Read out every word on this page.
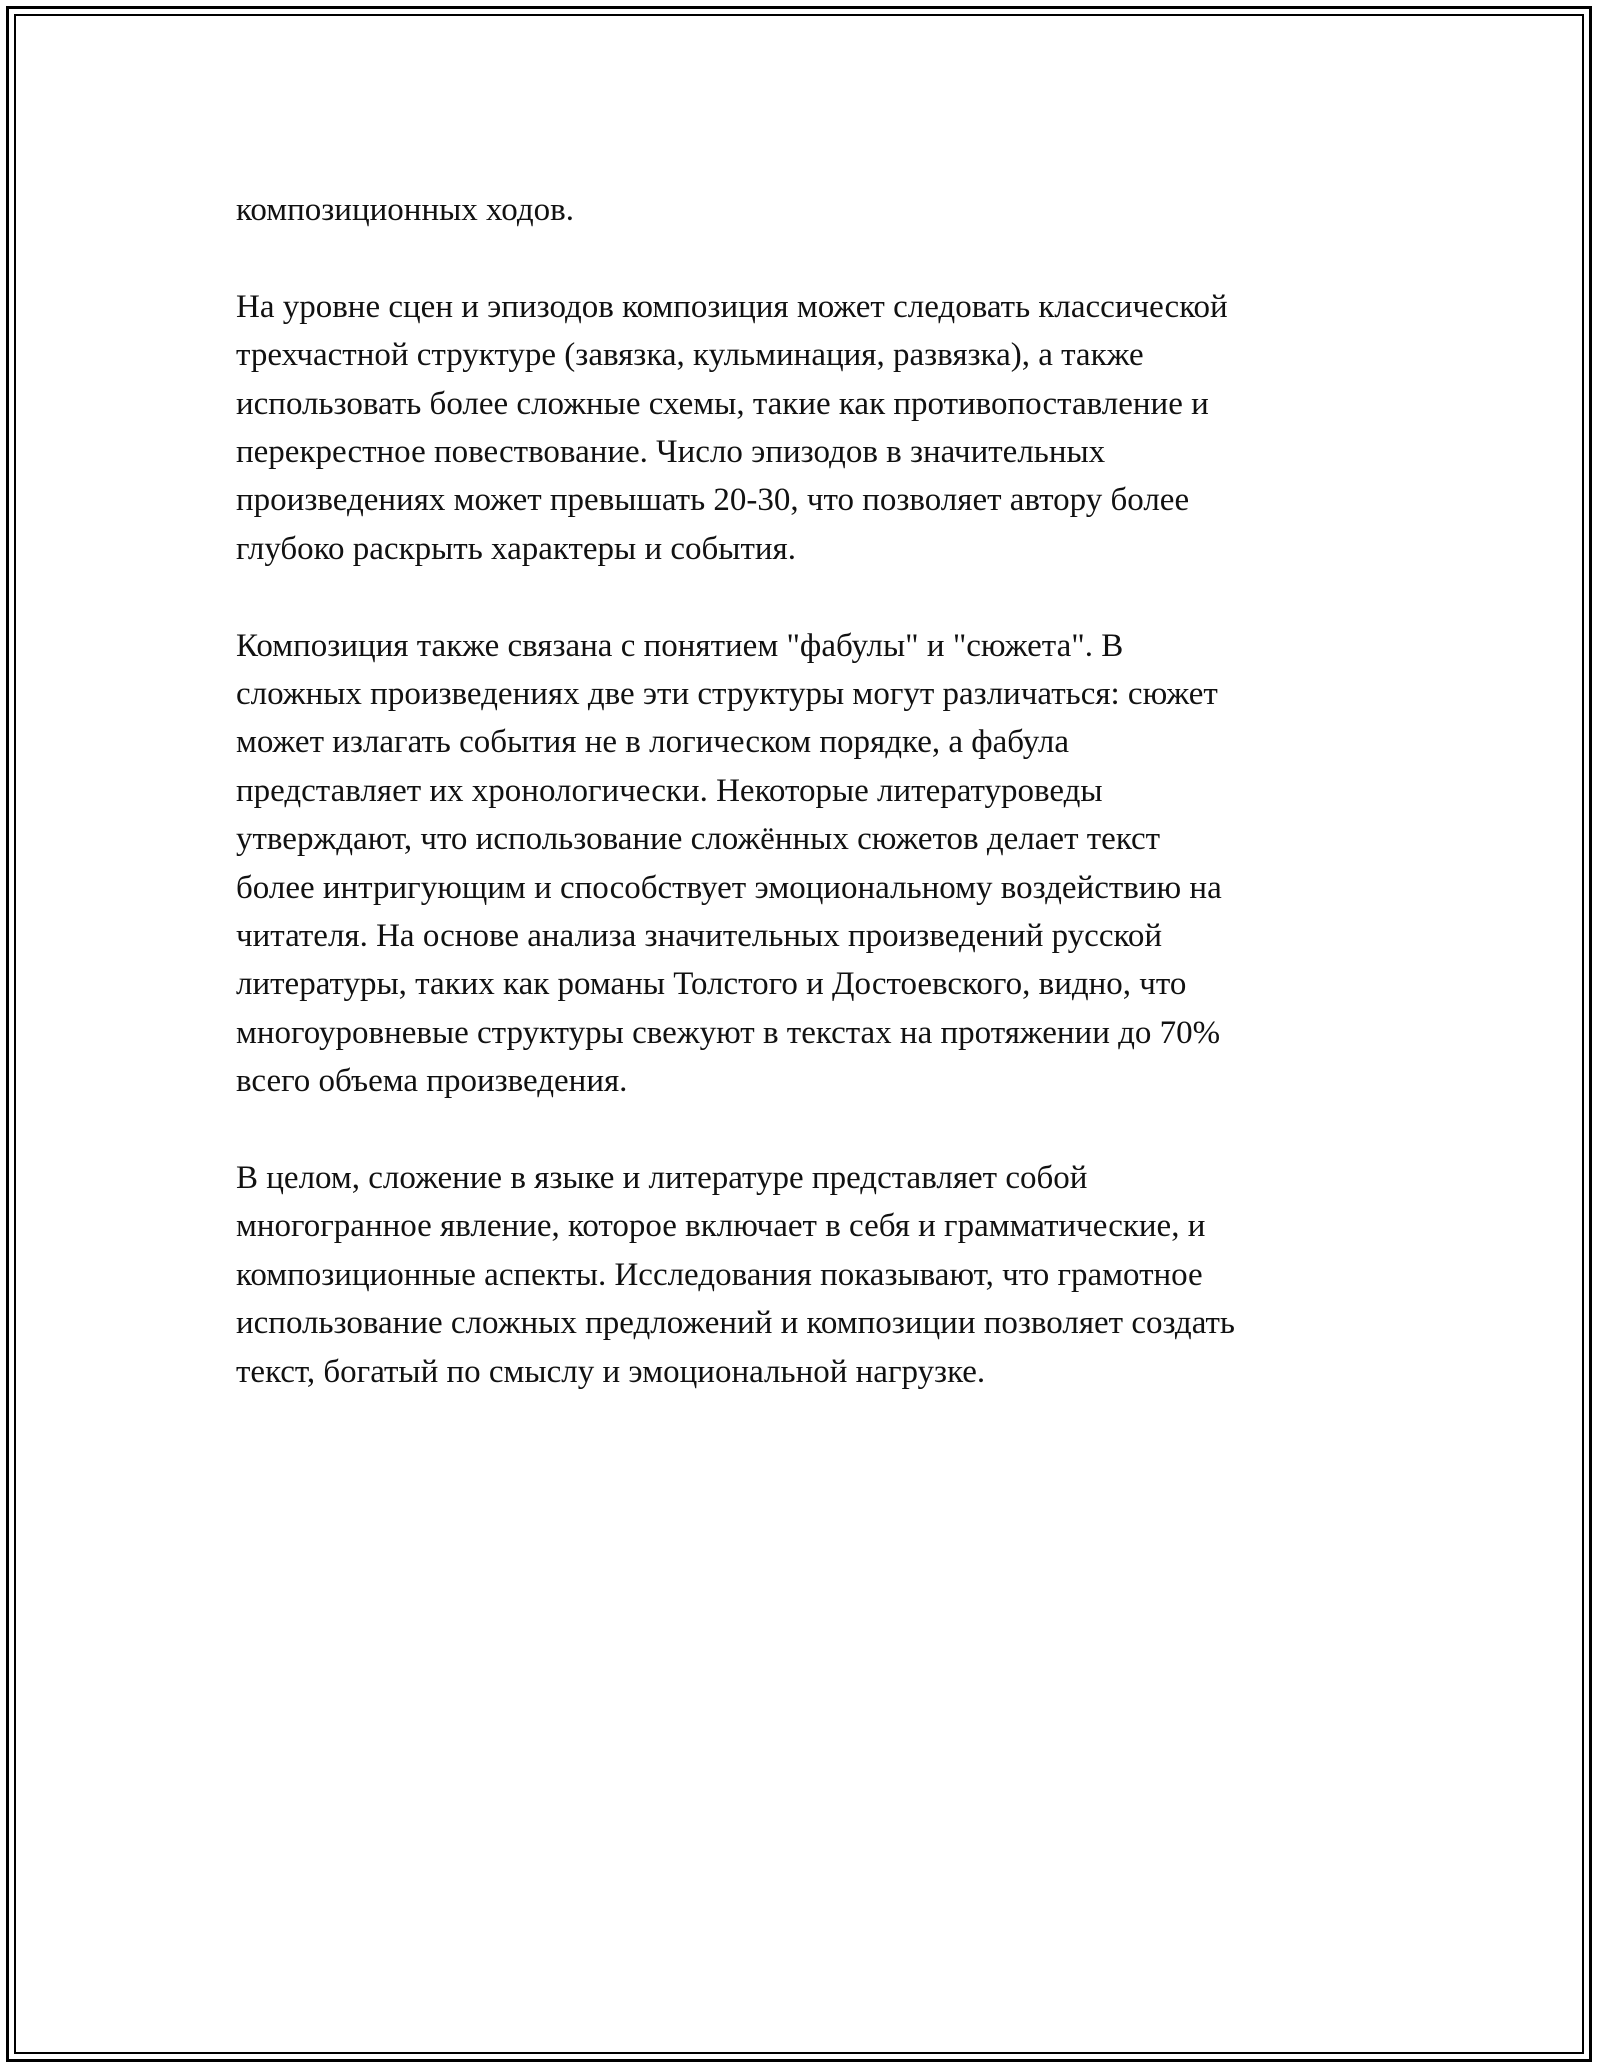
композиционных ходов.

На уровне сцен и эпизодов композиция может следовать классической
трехчастной структуре (завязка, кульминация, развязка), а также
использовать более сложные схемы, такие как противопоставление и
перекрестное повествование. Число эпизодов в значительных
произведениях может превышать 20-30, что позволяет автору более
глубоко раскрыть характеры и события.

Композиция также связана с понятием "фабулы" и "сюжета". В
сложных произведениях две эти структуры могут различаться: сюжет
может излагать события не в логическом порядке, а фабула
представляет их хронологически. Некоторые литературоведы
утверждают, что использование сложённых сюжетов делает текст
более интригующим и способствует эмоциональному воздействию на
читателя. На основе анализа значительных произведений русской
литературы, таких как романы Толстого и Достоевского, видно, что
многоуровневые структуры свежуют в текстах на протяжении до 70%
всего объема произведения.

В целом, сложение в языке и литературе представляет собой
многогранное явление, которое включает в себя и грамматические, и
композиционные аспекты. Исследования показывают, что грамотное
использование сложных предложений и композиции позволяет создать
текст, богатый по смыслу и эмоциональной нагрузке.
